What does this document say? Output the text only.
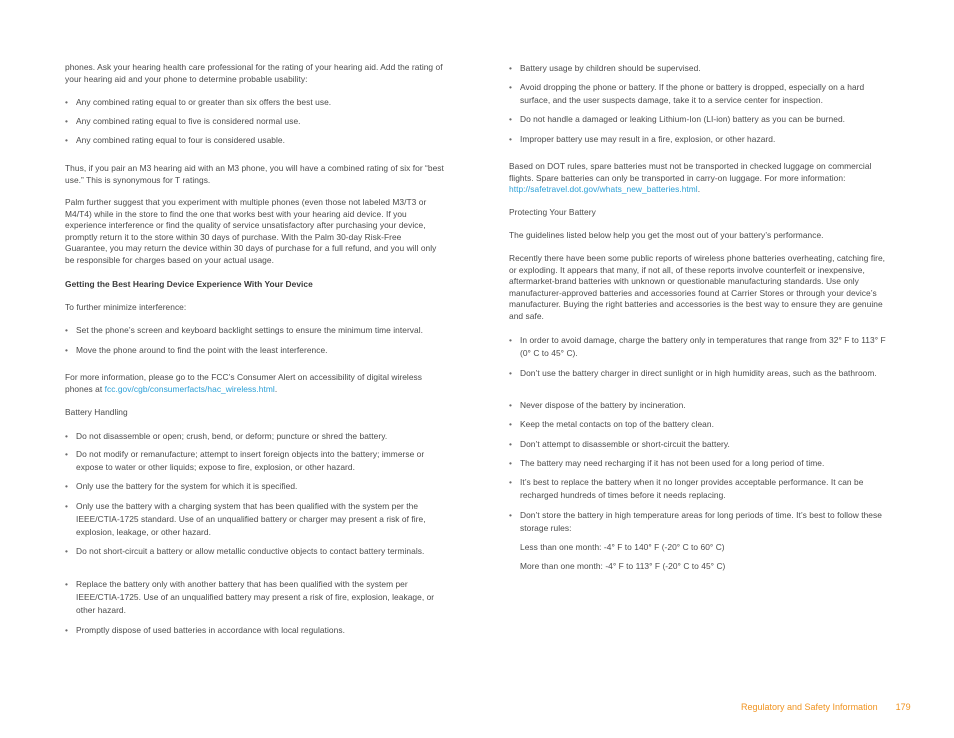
phones. Ask your hearing health care professional for the rating of your hearing aid. Add the rating of your hearing aid and your phone to determine probable usability:

• Any combined rating equal to or greater than six offers the best use.
• Any combined rating equal to five is considered normal use.
• Any combined rating equal to four is considered usable.

Thus, if you pair an M3 hearing aid with an M3 phone, you will have a combined rating of six for “best use.” This is synonymous for T ratings.

Palm further suggest that you experiment with multiple phones (even those not labeled M3/T3 or M4/T4) while in the store to find the one that works best with your hearing aid device. If you experience interference or find the quality of service unsatisfactory after purchasing your device, promptly return it to the store within 30 days of purchase. With the Palm 30-day Risk-Free Guarantee, you may return the device within 30 days of purchase for a full refund, and you will only be responsible for charges based on your actual usage.

Getting the Best Hearing Device Experience With Your Device

To further minimize interference:

• Set the phone’s screen and keyboard backlight settings to ensure the minimum time interval.
• Move the phone around to find the point with the least interference.

For more information, please go to the FCC’s Consumer Alert on accessibility of digital wireless phones at fcc.gov/cgb/consumerfacts/hac_wireless.html.

Battery Handling

• Do not disassemble or open; crush, bend, or deform; puncture or shred the battery.
• Do not modify or remanufacture; attempt to insert foreign objects into the battery; immerse or expose to water or other liquids; expose to fire, explosion, or other hazard.
• Only use the battery for the system for which it is specified.
• Only use the battery with a charging system that has been qualified with the system per the IEEE/CTIA-1725 standard. Use of an unqualified battery or charger may present a risk of fire, explosion, leakage, or other hazard.
• Do not short-circuit a battery or allow metallic conductive objects to contact battery terminals.
• Replace the battery only with another battery that has been qualified with the system per IEEE/CTIA-1725. Use of an unqualified battery may present a risk of fire, explosion, leakage, or other hazard.
• Promptly dispose of used batteries in accordance with local regulations.
• Battery usage by children should be supervised.
• Avoid dropping the phone or battery. If the phone or battery is dropped, especially on a hard surface, and the user suspects damage, take it to a service center for inspection.
• Do not handle a damaged or leaking Lithium-Ion (LI-ion) battery as you can be burned.
• Improper battery use may result in a fire, explosion, or other hazard.

Based on DOT rules, spare batteries must not be transported in checked luggage on commercial flights. Spare batteries can only be transported in carry-on luggage. For more information: http://safetravel.dot.gov/whats_new_batteries.html.

Protecting Your Battery

The guidelines listed below help you get the most out of your battery’s performance.

Recently there have been some public reports of wireless phone batteries overheating, catching fire, or exploding. It appears that many, if not all, of these reports involve counterfeit or inexpensive, aftermarket-brand batteries with unknown or questionable manufacturing standards. Use only manufacturer-approved batteries and accessories found at Carrier Stores or through your device’s manufacturer. Buying the right batteries and accessories is the best way to ensure they are genuine and safe.

• In order to avoid damage, charge the battery only in temperatures that range from 32° F to 113° F (0° C to 45° C).
• Don’t use the battery charger in direct sunlight or in high humidity areas, such as the bathroom.
• Never dispose of the battery by incineration.
• Keep the metal contacts on top of the battery clean.
• Don’t attempt to disassemble or short-circuit the battery.
• The battery may need recharging if it has not been used for a long period of time.
• It’s best to replace the battery when it no longer provides acceptable performance. It can be recharged hundreds of times before it needs replacing.
• Don’t store the battery in high temperature areas for long periods of time. It’s best to follow these storage rules:

Less than one month: -4° F to 140° F (-20° C to 60° C)

More than one month: -4° F to 113° F (-20° C to 45° C)

Regulatory and Safety Information 179
